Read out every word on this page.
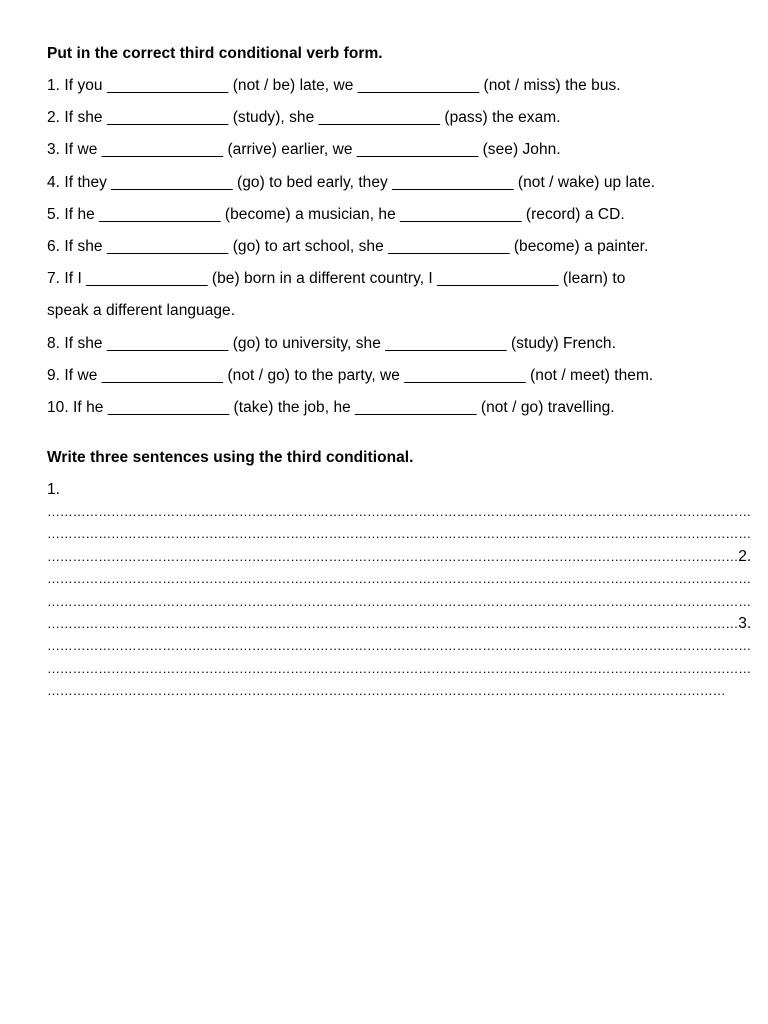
Put in the correct third conditional verb form.
1. If you ______________ (not / be) late, we ______________ (not / miss) the bus.
2. If she ______________ (study), she ______________ (pass) the exam.
3. If we ______________ (arrive) earlier, we ______________ (see) John.
4. If they ______________ (go) to bed early, they ______________ (not / wake) up late.
5. If he ______________ (become) a musician, he ______________ (record) a CD.
6. If she ______________ (go) to art school, she ______________ (become) a painter.
7. If I ______________ (be) born in a different country, I ______________ (learn) to
speak a different language.
8. If she ______________ (go) to university, she ______________ (study) French.
9. If we ______________ (not / go) to the party, we ______________ (not / meet) them.
10. If he ______________ (take) the job, he ______________ (not / go) travelling.
Write three sentences using the third conditional.
1.
…………………………………………………………………………………………………………………………………………………
…………………………………………………………………………………………………………………………………………………
………………………………………………………………………………………………………………………………………………2.
…………………………………………………………………………………………………………………………………………………
…………………………………………………………………………………………………………………………………………………
………………………………………………………………………………………………………………………………………………3.
…………………………………………………………………………………………………………………………………………………
…………………………………………………………………………………………………………………………………………………
……………………………………………………………………………………………………………………………………………
